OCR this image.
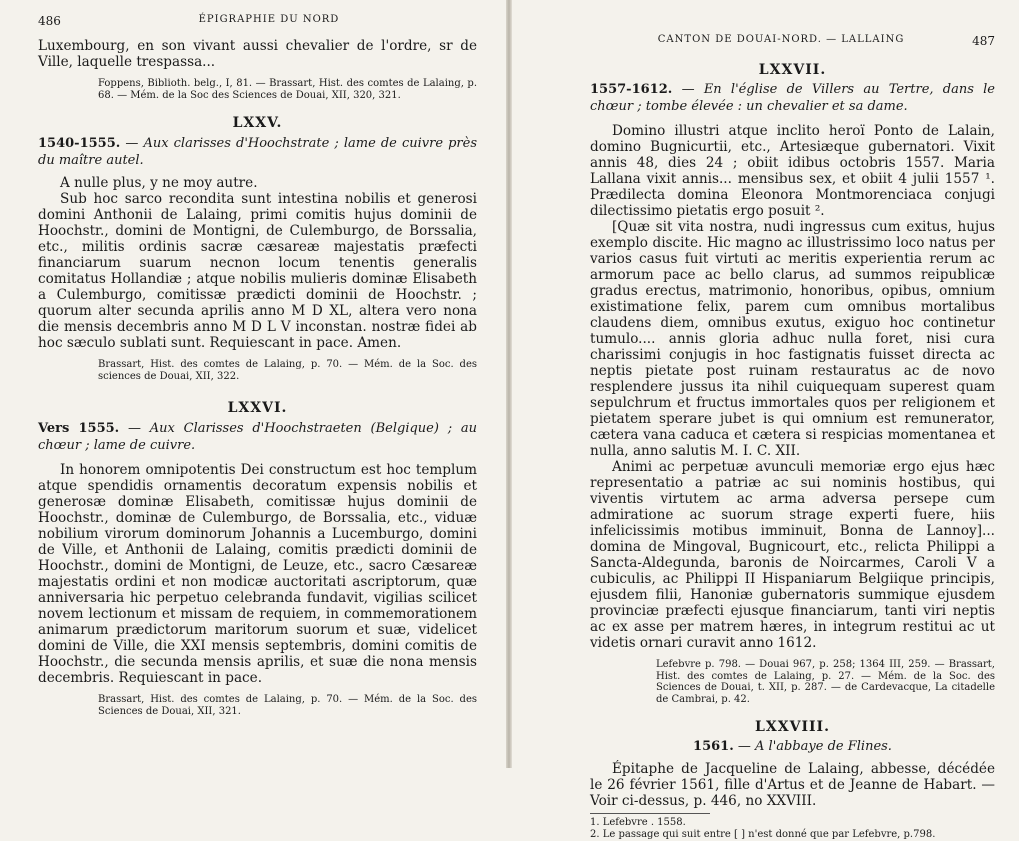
486	ÉPIGRAPHIE DU NORD

Luxembourg, en son vivant aussi chevalier de l'ordre, sr de Ville, laquelle trespassa...

Foppens, Biblioth. belg., I, 81. — Brassart, Hist. des comtes de Lalaing, p. 68. — Mém. de la Soc des Sciences de Douai, XII, 320, 321.

LXXV.

1540-1555. — Aux clarisses d'Hoochstrate ; lame de cuivre près du maître autel.

A nulle plus, y ne moy autre.

Sub hoc sarco recondita sunt intestina nobilis et generosi domini Anthonii de Lalaing, primi comitis hujus dominii de Hoochstr., domini de Montigni, de Culemburgo, de Borssalia, etc., militis ordinis sacræ cæsareæ majestatis præfecti financiarum suarum necnon locum tenentis generalis comitatus Hollandiæ ; atque nobilis mulieris dominæ Elisabeth a Culemburgo, comitissæ prædicti dominii de Hoochstr. ; quorum alter secunda aprilis anno M D XL, altera vero nona die mensis decembris anno M D L V inconstan. nostræ fidei ab hoc sæculo sublati sunt. Requiescant in pace. Amen.

Brassart, Hist. des comtes de Lalaing, p. 70. — Mém. de la Soc. des sciences de Douai, XII, 322.

LXXVI.

Vers 1555. — Aux Clarisses d'Hoochstraeten (Belgique) ; au chœur ; lame de cuivre.

In honorem omnipotentis Dei constructum est hoc templum atque spendidis ornamentis decoratum expensis nobilis et generosæ dominæ Elisabeth, comitissæ hujus dominii de Hoochstr., dominæ de Culemburgo, de Borssalia, etc., viduæ nobilium virorum dominorum Johannis a Lucemburgo, domini de Ville, et Anthonii de Lalaing, comitis prædicti dominii de Hoochstr., domini de Montigni, de Leuze, etc., sacro Cæsareæ majestatis ordini et non modicæ auctoritati ascriptorum, quæ anniversaria hic perpetuo celebranda fundavit, vigilias scilicet novem lectionum et missam de requiem, in commemorationem animarum prædictorum maritorum suorum et suæ, videlicet domini de Ville, die XXI mensis septembris, domini comitis de Hoochstr., die secunda mensis aprilis, et suæ die nona mensis decembris. Requiescant in pace.

Brassart, Hist. des comtes de Lalaing, p. 70. — Mém. de la Soc. des Sciences de Douai, XII, 321.

CANTON DE DOUAI-NORD. — LALLAING	487
LXXVII.

1557-1612. — En l'église de Villers au Tertre, dans le chœur ; tombe élevée : un chevalier et sa dame.

Domino illustri atque inclito heroï Ponto de Lalain, domino Bugnicurtii, etc., Artesiæque gubernatori. Vixit annis 48, dies 24 ; obiit idibus octobris 1557. Maria Lallana vixit annis... mensibus sex, et obiit 4 julii 1557 ¹. Prædilecta domina Eleonora Montmorenciaca conjugi dilectissimo pietatis ergo posuit ².

[Quæ sit vita nostra, nudi ingressus cum exitus, hujus exemplo discite. Hic magno ac illustrissimo loco natus per varios casus fuit virtuti ac meritis experientia rerum ac armorum pace ac bello clarus, ad summos reipublicæ gradus erectus, matrimonio, honoribus, opibus, omnium existimatione felix, parem cum omnibus mortalibus claudens diem, omnibus exutus, exiguo hoc continetur tumulo.... annis gloria adhuc nulla foret, nisi cura charissimi conjugis in hoc fastignatis fuisset directa ac neptis pietate post ruinam restauratus ac de novo resplendere jussus ita nihil cuiquequam superest quam sepulchrum et fructus immortales quos per religionem et pietatem sperare jubet is qui omnium est remunerator, cætera vana caduca et cætera si respicias momentanea et nulla, anno salutis M. I. C. XII.

Animi ac perpetuæ avunculi memoriæ ergo ejus hæc representatio a patriæ ac sui nominis hostibus, qui viventis virtutem ac arma adversa persepe cum admiratione ac suorum strage experti fuere, hiis infelicissimis motibus imminuit, Bonna de Lannoy]... domina de Mingoval, Bugnicourt, etc., relicta Philippi a Sancta-Aldegunda, baronis de Noircarmes, Caroli V a cubiculis, ac Philippi II Hispaniarum Belgiique principis, ejusdem filii, Hanoniæ gubernatoris summique ejusdem provinciæ præfecti ejusque financiarum, tanti viri neptis ac ex asse per matrem hæres, in integrum restitui ac ut videtis ornari curavit anno 1612.

Lefebvre p. 798. — Douai 967, p. 258; 1364 III, 259. — Brassart, Hist. des comtes de Lalaing, p. 27. — Mém. de la Soc. des Sciences de Douai, t. XII, p. 287. — de Cardevacque, La citadelle de Cambrai, p. 42.

LXXVIII.

1561. — A l'abbaye de Flines.

Épitaphe de Jacqueline de Lalaing, abbesse, décédée le 26 février 1561, fille d'Artus et de Jeanne de Habart. — Voir ci-dessus, p. 446, no XXVIII.

1. Lefebvre . 1558.

2. Le passage qui suit entre [ ] n'est donné que par Lefebvre, p.798.
